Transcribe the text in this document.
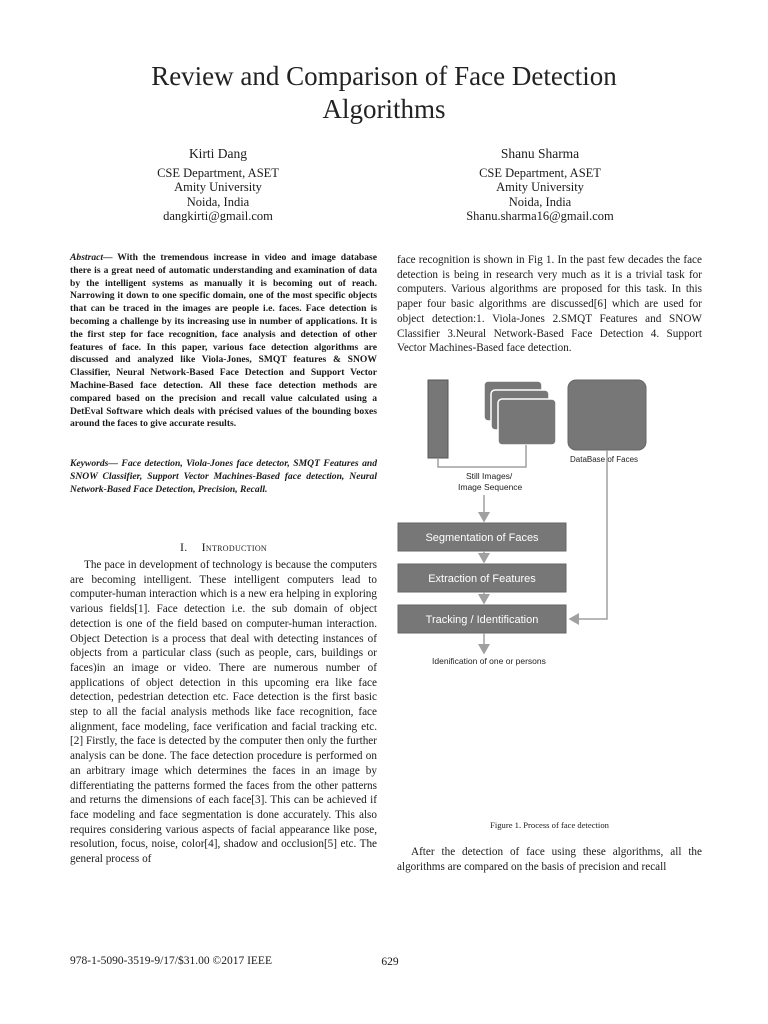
Review and Comparison of Face Detection
Algorithms
Kirti Dang
CSE Department, ASET
Amity University
Noida, India
dangkirti@gmail.com
Shanu Sharma
CSE Department, ASET
Amity University
Noida, India
Shanu.sharma16@gmail.com
Abstract— With the tremendous increase in video and image database there is a great need of automatic understanding and examination of data by the intelligent systems as manually it is becoming out of reach. Narrowing it down to one specific domain, one of the most specific objects that can be traced in the images are people i.e. faces. Face detection is becoming a challenge by its increasing use in number of applications. It is the first step for face recognition, face analysis and detection of other features of face. In this paper, various face detection algorithms are discussed and analyzed like Viola-Jones, SMQT features & SNOW Classifier, Neural Network-Based Face Detection and Support Vector Machine-Based face detection. All these face detection methods are compared based on the precision and recall value calculated using a DetEval Software which deals with précised values of the bounding boxes around the faces to give accurate results.
Keywords— Face detection, Viola-Jones face detector, SMQT Features and SNOW Classifier, Support Vector Machines-Based face detection, Neural Network-Based Face Detection, Precision, Recall.
I. Introduction

The pace in development of technology is because the computers are becoming intelligent. These intelligent computers lead to computer-human interaction which is a new era helping in exploring various fields[1]. Face detection i.e. the sub domain of object detection is one of the field based on computer-human interaction. Object Detection is a process that deal with detecting instances of objects from a particular class (such as people, cars, buildings or faces)in an image or video. There are numerous number of applications of object detection in this upcoming era like face detection, pedestrian detection etc. Face detection is the first basic step to all the facial analysis methods like face recognition, face alignment, face modeling, face verification and facial tracking etc.[2] Firstly, the face is detected by the computer then only the further analysis can be done. The face detection procedure is performed on an arbitrary image which determines the faces in an image by differentiating the patterns formed the faces from the other patterns and returns the dimensions of each face[3]. This can be achieved if face modeling and face segmentation is done accurately. This also requires considering various aspects of facial appearance like pose, resolution, focus, noise, color[4], shadow and occlusion[5] etc. The general process of

face recognition is shown in Fig 1. In the past few decades the face detection is being in research very much as it is a trivial task for computers. Various algorithms are proposed for this task. In this paper four basic algorithms are discussed[6] which are used for object detection:1. Viola-Jones 2.SMQT Features and SNOW Classifier 3.Neural Network-Based Face Detection 4. Support Vector Machines-Based face detection.

Still Images/
Image Sequence
DataBase of Faces
Segmentation of Faces
Extraction of Features
Tracking / Identification
Idenification of one or persons
Figure 1. Process of face detection

After the detection of face using these algorithms, all the algorithms are compared on the basis of precision and recall

978-1-5090-3519-9/17/$31.00 ©2017 IEEE	629
